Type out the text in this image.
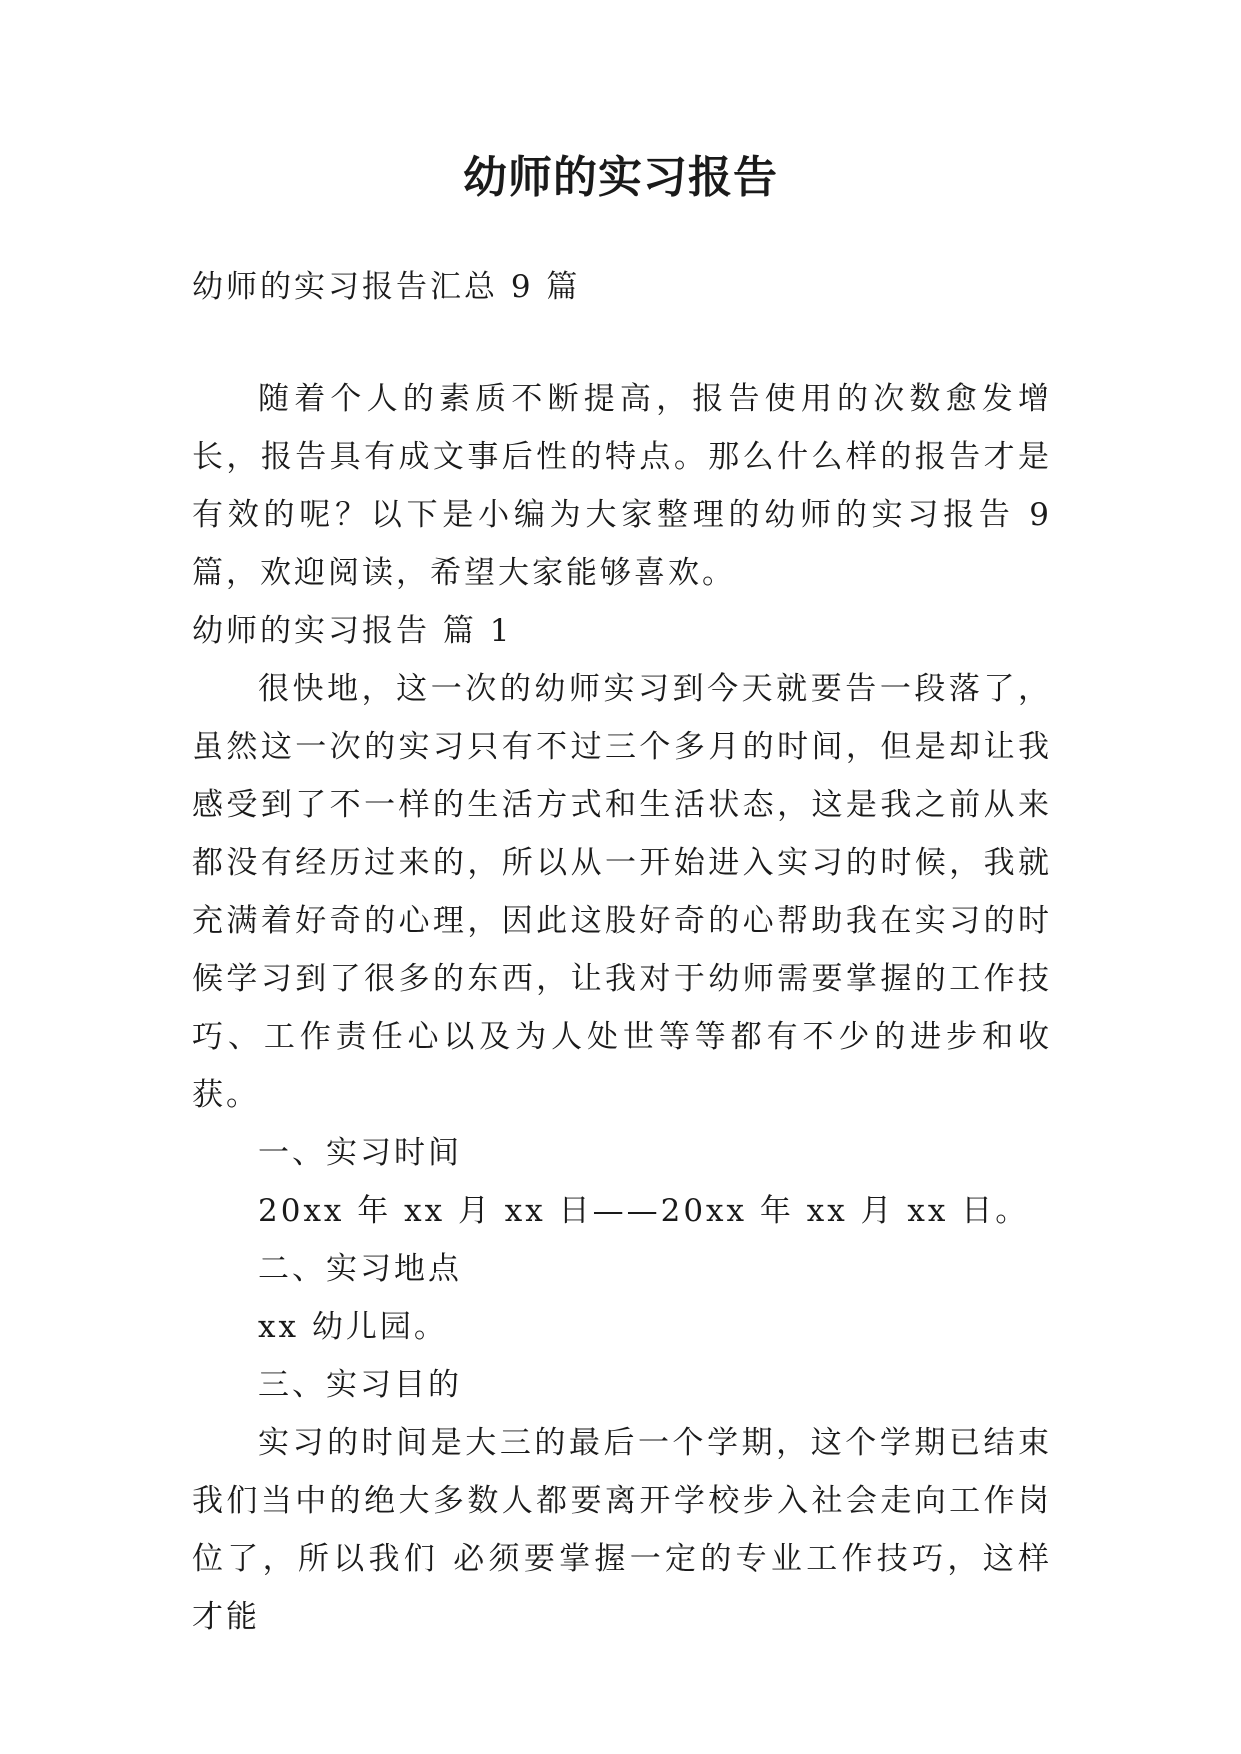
幼师的实习报告

幼师的实习报告汇总 9 篇

随着个人的素质不断提高，报告使用的次数愈发增长，报告具有成文事后性的特点。那么什么样的报告才是有效的呢？以下是小编为大家整理的幼师的实习报告 9 篇，欢迎阅读，希望大家能够喜欢。

幼师的实习报告 篇 1

很快地，这一次的幼师实习到今天就要告一段落了，虽然这一次的实习只有不过三个多月的时间，但是却让我感受到了不一样的生活方式和生活状态，这是我之前从来都没有经历过来的，所以从一开始进入实习的时候，我就充满着好奇的心理，因此这股好奇的心帮助我在实习的时候学习到了很多的东西，让我对于幼师需要掌握的工作技巧、工作责任心以及为人处世等等都有不少的进步和收获。

一、实习时间

20xx 年 xx 月 xx 日——20xx 年 xx 月 xx 日。

二、实习地点

xx 幼儿园。

三、实习目的

实习的时间是大三的最后一个学期，这个学期已结束我们当中的绝大多数人都要离开学校步入社会走向工作岗位了，所以我们 必须要掌握一定的专业工作技巧，这样才能
